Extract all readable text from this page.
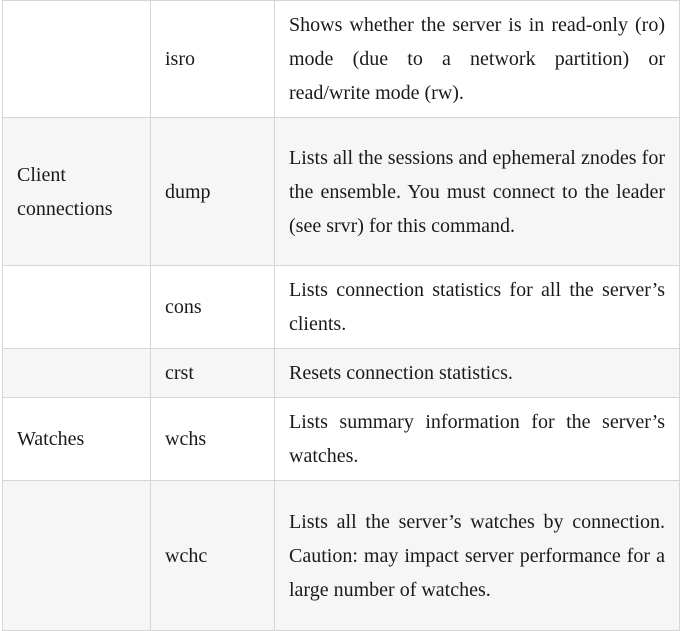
	isro	Shows whether the server is in read-only (ro) mode (due to a network partition) or read/write mode (rw).
Client connections	dump	Lists all the sessions and ephemeral znodes for the ensemble. You must connect to the leader (see srvr) for this command.
	cons	Lists connection statistics for all the server’s clients.
	crst	Resets connection statistics.
Watches	wchs	Lists summary information for the server’s watches.
	wchc	Lists all the server’s watches by connection. Caution: may impact server performance for a large number of watches.
